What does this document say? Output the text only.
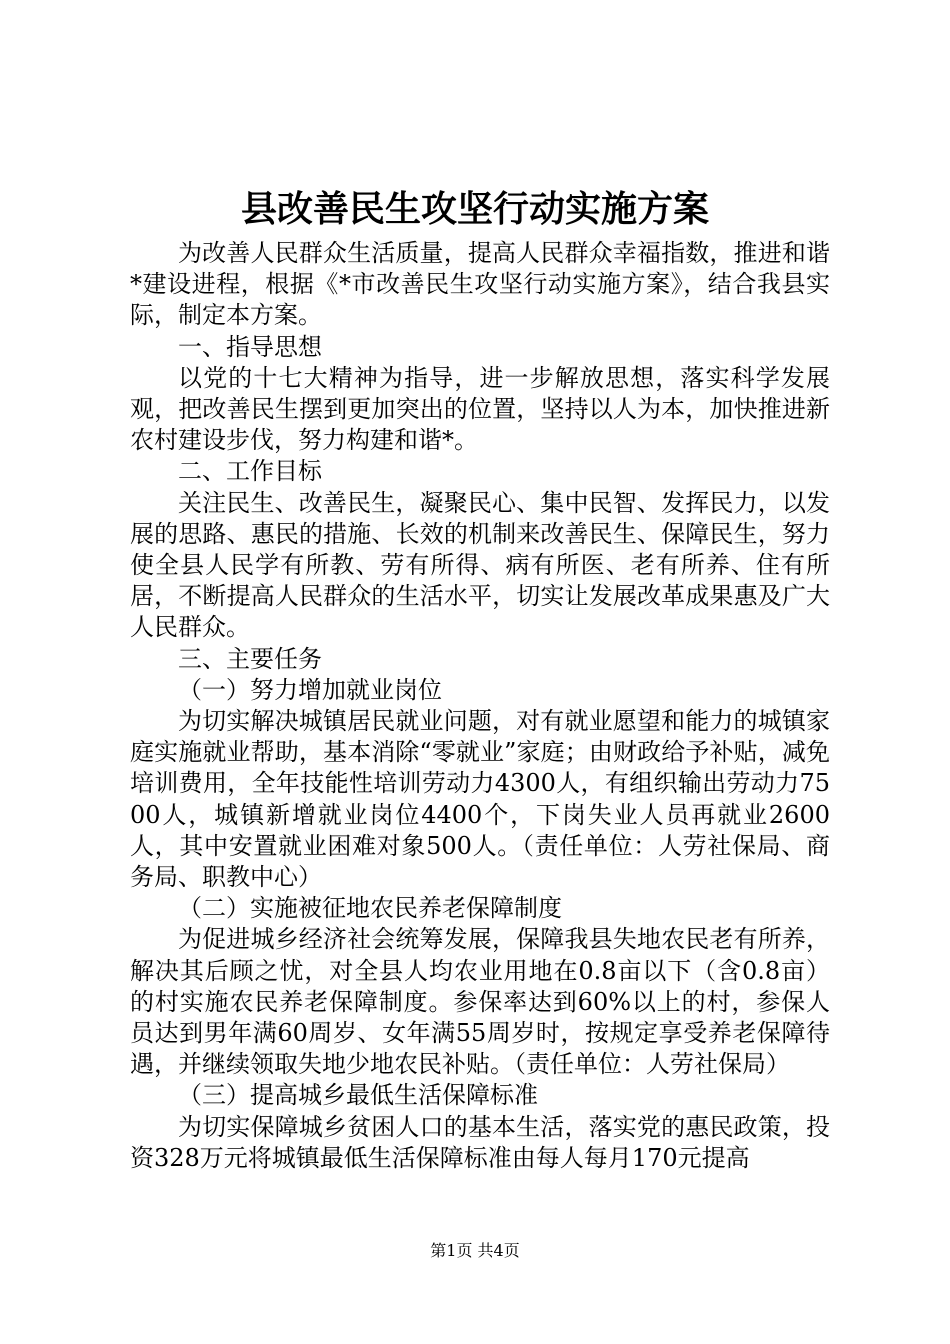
县改善民生攻坚行动实施方案

为改善人民群众生活质量，提高人民群众幸福指数，推进和谐*建设进程，根据《*市改善民生攻坚行动实施方案》，结合我县实际，制定本方案。

一、指导思想

以党的十七大精神为指导，进一步解放思想，落实科学发展观，把改善民生摆到更加突出的位置，坚持以人为本，加快推进新农村建设步伐，努力构建和谐*。

二、工作目标

关注民生、改善民生，凝聚民心、集中民智、发挥民力，以发展的思路、惠民的措施、长效的机制来改善民生、保障民生，努力使全县人民学有所教、劳有所得、病有所医、老有所养、住有所居，不断提高人民群众的生活水平，切实让发展改革成果惠及广大人民群众。

三、主要任务

（一）努力增加就业岗位

为切实解决城镇居民就业问题，对有就业愿望和能力的城镇家庭实施就业帮助，基本消除“零就业”家庭；由财政给予补贴，减免培训费用，全年技能性培训劳动力4300人，有组织输出劳动力7500人，城镇新增就业岗位4400个，下岗失业人员再就业2600人，其中安置就业困难对象500人。（责任单位：人劳社保局、商务局、职教中心）

（二）实施被征地农民养老保障制度

为促进城乡经济社会统筹发展，保障我县失地农民老有所养，解决其后顾之忧，对全县人均农业用地在0.8亩以下（含0.8亩）的村实施农民养老保障制度。参保率达到60%以上的村，参保人员达到男年满60周岁、女年满55周岁时，按规定享受养老保障待遇，并继续领取失地少地农民补贴。（责任单位：人劳社保局）

（三）提高城乡最低生活保障标准

为切实保障城乡贫困人口的基本生活，落实党的惠民政策，投资328万元将城镇最低生活保障标准由每人每月170元提高

第1页 共4页
